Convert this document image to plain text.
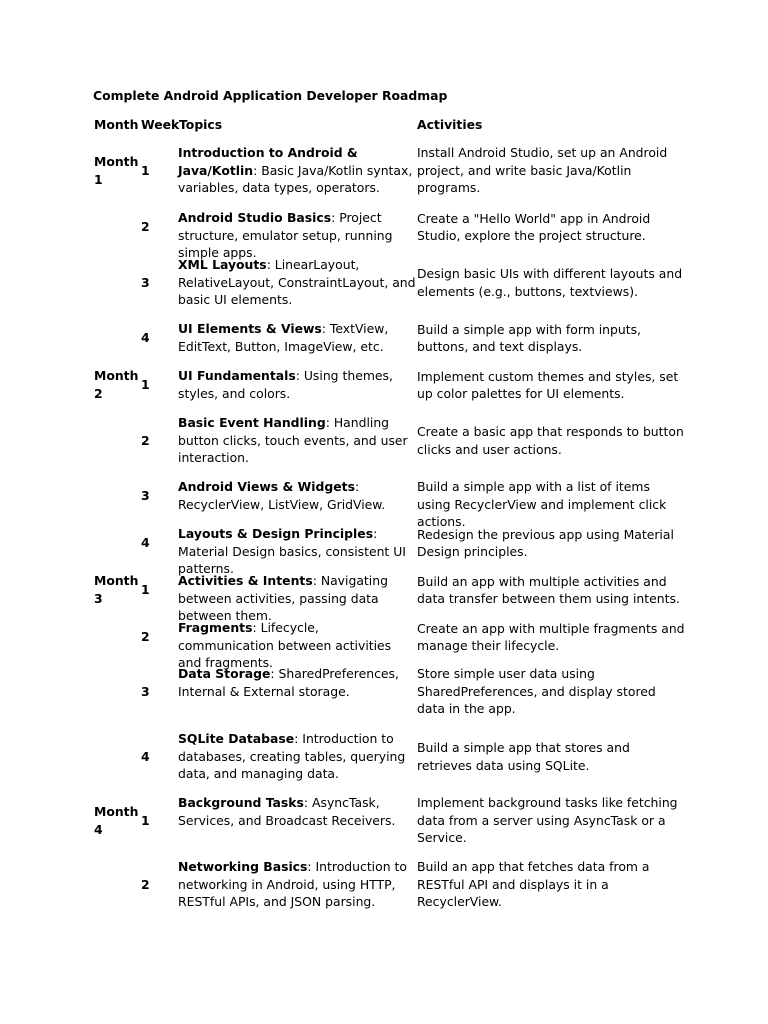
Complete Android Application Developer Roadmap
Month Week Topics	Activities
Introduction to Android & Java/Kotlin: Basic Java/Kotlin syntax, variables, data types, operators.
Install Android Studio, set up an Android project, and write basic Java/Kotlin programs.
1
Month 1
Android Studio Basics: Project structure, emulator setup, running simple apps.
Create a "Hello World" app in Android Studio, explore the project structure.
2
XML Layouts: LinearLayout, RelativeLayout, ConstraintLayout, and basic UI elements.
Design basic UIs with different layouts and elements (e.g., buttons, textviews).
3
UI Elements & Views: TextView, EditText, Button, ImageView, etc.
Build a simple app with form inputs, buttons, and text displays.
4
UI Fundamentals: Using themes, styles, and colors.
Implement custom themes and styles, set up color palettes for UI elements.
1
Month 2
Basic Event Handling: Handling button clicks, touch events, and user interaction.
Create a basic app that responds to button clicks and user actions.
2
Android Views & Widgets: RecyclerView, ListView, GridView.
Build a simple app with a list of items using RecyclerView and implement click actions.
3
Layouts & Design Principles: Material Design basics, consistent UI patterns.
Redesign the previous app using Material Design principles.
4
Activities & Intents: Navigating between activities, passing data between them.
Build an app with multiple activities and data transfer between them using intents.
1
Month 3
Fragments: Lifecycle, communication between activities and fragments.
Create an app with multiple fragments and manage their lifecycle.
2
Data Storage: SharedPreferences, Internal & External storage.
Store simple user data using SharedPreferences, and display stored data in the app.
3
SQLite Database: Introduction to databases, creating tables, querying data, and managing data.
Build a simple app that stores and retrieves data using SQLite.
4
Background Tasks: AsyncTask, Services, and Broadcast Receivers.
Implement background tasks like fetching data from a server using AsyncTask or a Service.
1
Month 4
Networking Basics: Introduction to networking in Android, using HTTP, RESTful APIs, and JSON parsing.
Build an app that fetches data from a RESTful API and displays it in a RecyclerView.
2
